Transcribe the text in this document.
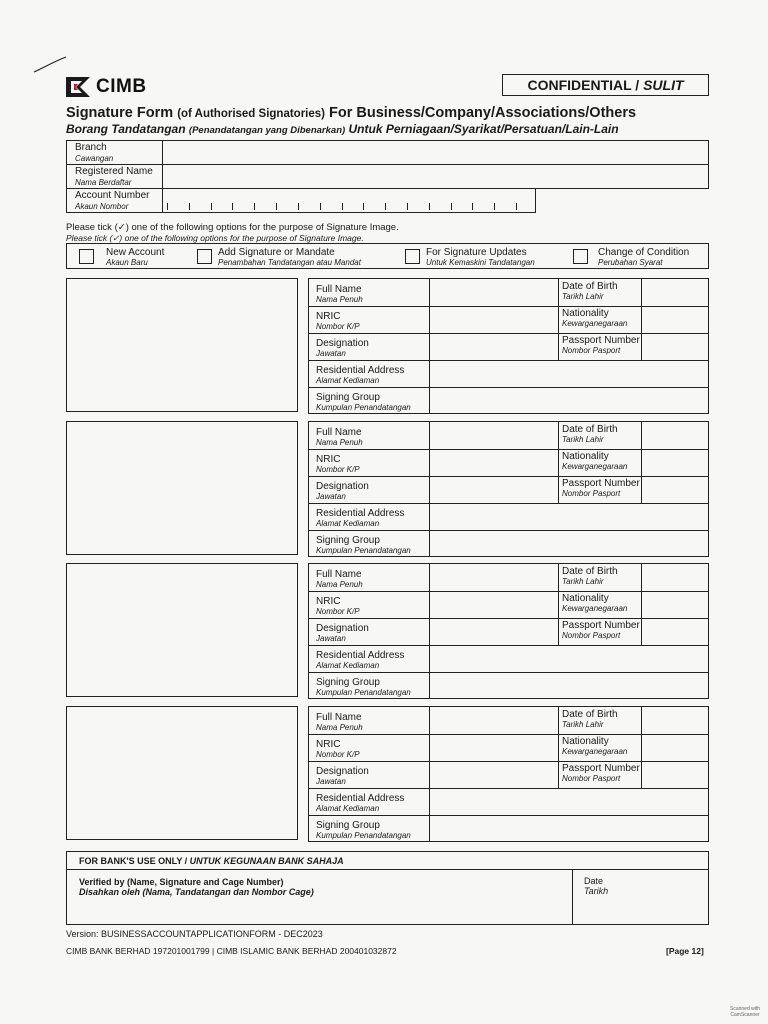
CIMB	CONFIDENTIAL / SULIT
Signature Form (of Authorised Signatories) For Business/Company/Associations/Others
Borang Tandatangan (Penandatangan yang Dibenarkan) Untuk Perniagaan/Syarikat/Persatuan/Lain-Lain
Branch
Cawangan
Registered Name
Nama Berdaftar
Account Number
Akaun Nombor
Please tick (✓) one of the following options for the purpose of Signature Image.
Please tick (✓) one of the following options for the purpose of Signature Image.
New Account
Akaun Baru
Add Signature or Mandate
Penambahan Tandatangan atau Mandat
For Signature Updates
Untuk Kemaskini Tandatangan
Change of Condition
Perubahan Syarat
Full Name
Nama Penuh
NRIC
Nombor K/P
Designation
Jawatan
Residential Address
Alamat Kediaman
Signing Group
Kumpulan Penandatangan
Date of Birth
Tarikh Lahir
Nationality
Kewarganegaraan
Passport Number
Nombor Pasport
Full Name
Nama Penuh
NRIC
Nombor K/P
Designation
Jawatan
Residential Address
Alamat Kediaman
Signing Group
Kumpulan Penandatangan
Date of Birth
Tarikh Lahir
Nationality
Kewarganegaraan
Passport Number
Nombor Pasport
Full Name
Nama Penuh
NRIC
Nombor K/P
Designation
Jawatan
Residential Address
Alamat Kediaman
Signing Group
Kumpulan Penandatangan
Date of Birth
Tarikh Lahir
Nationality
Kewarganegaraan
Passport Number
Nombor Pasport
Full Name
Nama Penuh
NRIC
Nombor K/P
Designation
Jawatan
Residential Address
Alamat Kediaman
Signing Group
Kumpulan Penandatangan
Date of Birth
Tarikh Lahir
Nationality
Kewarganegaraan
Passport Number
Nombor Pasport
FOR BANK'S USE ONLY / UNTUK KEGUNAAN BANK SAHAJA
Verified by (Name, Signature and Cage Number)
Disahkan oleh (Nama, Tandatangan dan Nombor Cage)
Date
Tarikh
Version: BUSINESSACCOUNTAPPLICATIONFORM - DEC2023
CIMB BANK BERHAD 197201001799 | CIMB ISLAMIC BANK BERHAD 200401032872	[Page 12]
Scanned with CamScanner
